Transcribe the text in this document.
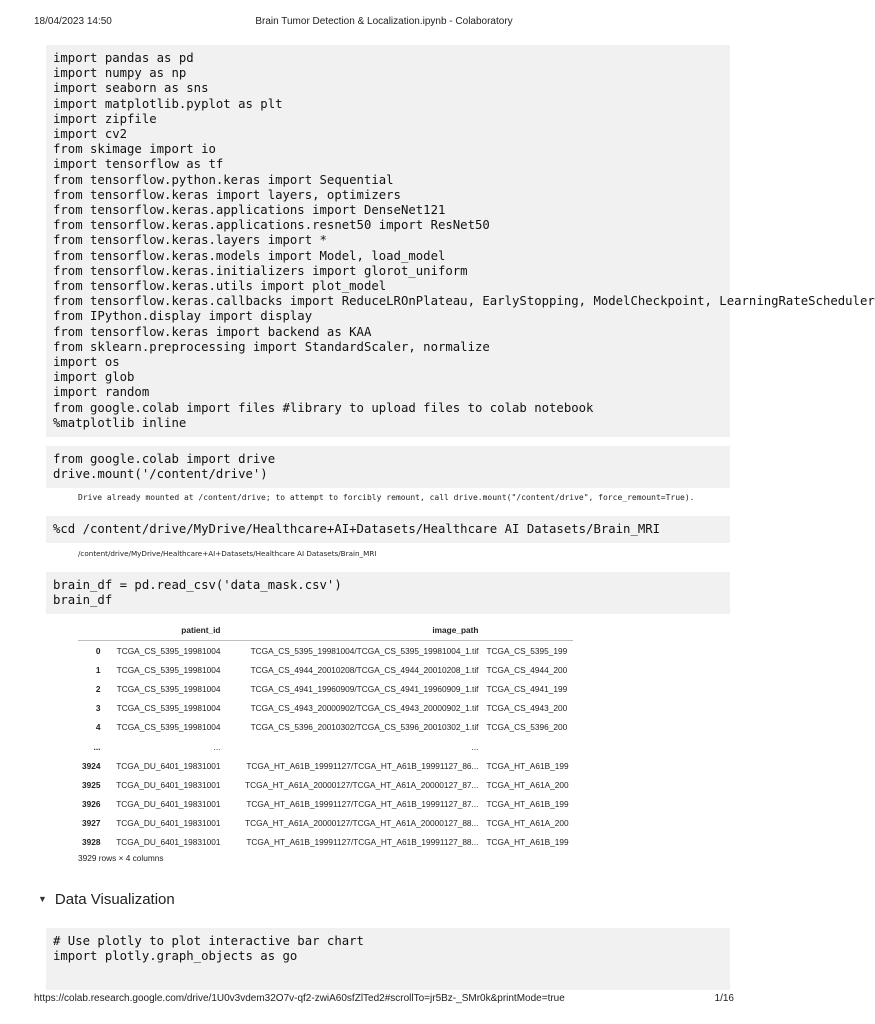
18/04/2023 14:50	Brain Tumor Detection & Localization.ipynb - Colaboratory
import pandas as pd
import numpy as np
import seaborn as sns
import matplotlib.pyplot as plt
import zipfile
import cv2
from skimage import io
import tensorflow as tf
from tensorflow.python.keras import Sequential
from tensorflow.keras import layers, optimizers
from tensorflow.keras.applications import DenseNet121
from tensorflow.keras.applications.resnet50 import ResNet50
from tensorflow.keras.layers import *
from tensorflow.keras.models import Model, load_model
from tensorflow.keras.initializers import glorot_uniform
from tensorflow.keras.utils import plot_model
from tensorflow.keras.callbacks import ReduceLROnPlateau, EarlyStopping, ModelCheckpoint, LearningRateScheduler
from IPython.display import display
from tensorflow.keras import backend as KAA
from sklearn.preprocessing import StandardScaler, normalize
import os
import glob
import random
from google.colab import files #library to upload files to colab notebook
%matplotlib inline
from google.colab import drive
drive.mount('/content/drive')
Drive already mounted at /content/drive; to attempt to forcibly remount, call drive.mount("/content/drive", force_remount=True).
%cd /content/drive/MyDrive/Healthcare+AI+Datasets/Healthcare AI Datasets/Brain_MRI
/content/drive/MyDrive/Healthcare+AI+Datasets/Healthcare AI Datasets/Brain_MRI
brain_df = pd.read_csv('data_mask.csv')
brain_df
	patient_id	image_path	
0	TCGA_CS_5395_19981004	TCGA_CS_5395_19981004/TCGA_CS_5395_19981004_1.tif	TCGA_CS_5395_199
1	TCGA_CS_5395_19981004	TCGA_CS_4944_20010208/TCGA_CS_4944_20010208_1.tif	TCGA_CS_4944_200
2	TCGA_CS_5395_19981004	TCGA_CS_4941_19960909/TCGA_CS_4941_19960909_1.tif	TCGA_CS_4941_199
3	TCGA_CS_5395_19981004	TCGA_CS_4943_20000902/TCGA_CS_4943_20000902_1.tif	TCGA_CS_4943_200
4	TCGA_CS_5395_19981004	TCGA_CS_5396_20010302/TCGA_CS_5396_20010302_1.tif	TCGA_CS_5396_200
...	...	...	
3924	TCGA_DU_6401_19831001	TCGA_HT_A61B_19991127/TCGA_HT_A61B_19991127_86...	TCGA_HT_A61B_199
3925	TCGA_DU_6401_19831001	TCGA_HT_A61A_20000127/TCGA_HT_A61A_20000127_87...	TCGA_HT_A61A_200
3926	TCGA_DU_6401_19831001	TCGA_HT_A61B_19991127/TCGA_HT_A61B_19991127_87...	TCGA_HT_A61B_199
3927	TCGA_DU_6401_19831001	TCGA_HT_A61A_20000127/TCGA_HT_A61A_20000127_88...	TCGA_HT_A61A_200
3928	TCGA_DU_6401_19831001	TCGA_HT_A61B_19991127/TCGA_HT_A61B_19991127_88...	TCGA_HT_A61B_199
3929 rows × 4 columns
▼ Data Visualization
# Use plotly to plot interactive bar chart
import plotly.graph_objects as go
https://colab.research.google.com/drive/1U0v3vdem32O7v-qf2-zwiA60sfZlTed2#scrollTo=jr5Bz-_SMr0k&printMode=true	1/16
